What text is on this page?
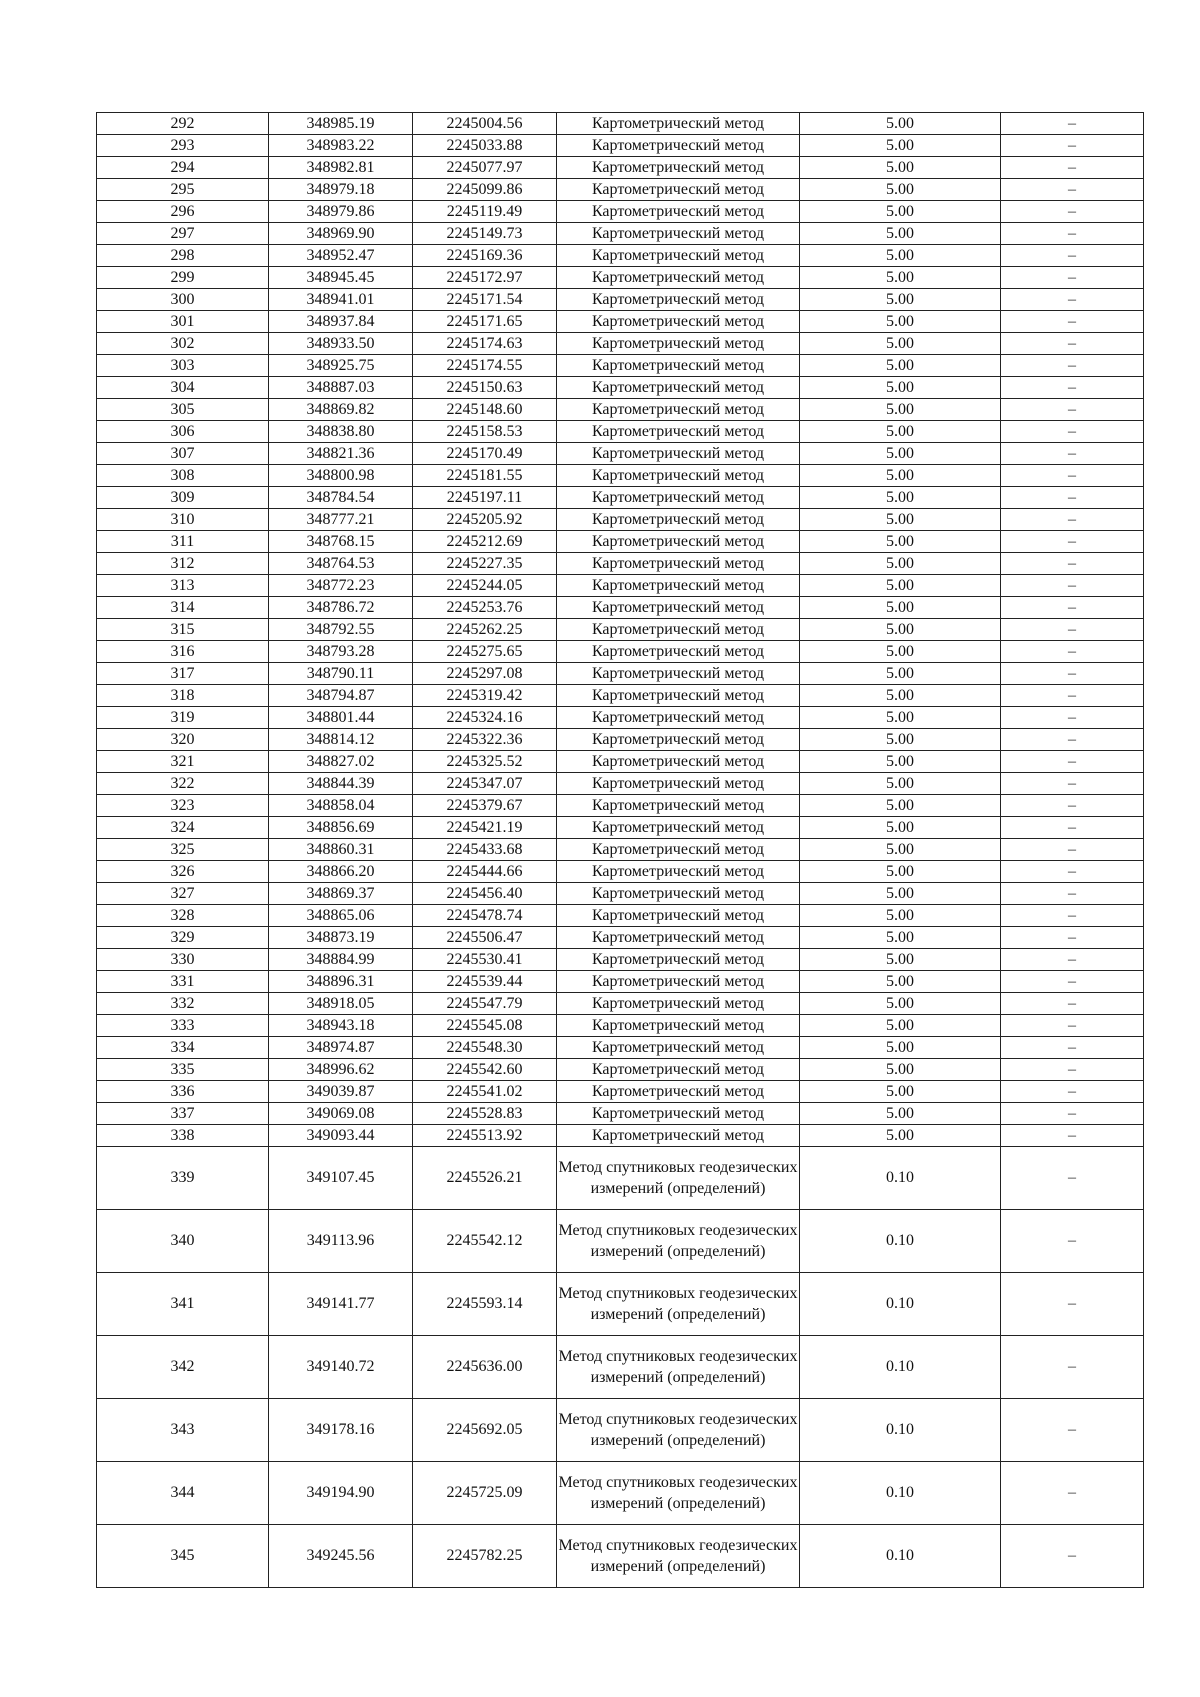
292	348985.19	2245004.56	Картометрический метод	5.00	–
293	348983.22	2245033.88	Картометрический метод	5.00	–
294	348982.81	2245077.97	Картометрический метод	5.00	–
295	348979.18	2245099.86	Картометрический метод	5.00	–
296	348979.86	2245119.49	Картометрический метод	5.00	–
297	348969.90	2245149.73	Картометрический метод	5.00	–
298	348952.47	2245169.36	Картометрический метод	5.00	–
299	348945.45	2245172.97	Картометрический метод	5.00	–
300	348941.01	2245171.54	Картометрический метод	5.00	–
301	348937.84	2245171.65	Картометрический метод	5.00	–
302	348933.50	2245174.63	Картометрический метод	5.00	–
303	348925.75	2245174.55	Картометрический метод	5.00	–
304	348887.03	2245150.63	Картометрический метод	5.00	–
305	348869.82	2245148.60	Картометрический метод	5.00	–
306	348838.80	2245158.53	Картометрический метод	5.00	–
307	348821.36	2245170.49	Картометрический метод	5.00	–
308	348800.98	2245181.55	Картометрический метод	5.00	–
309	348784.54	2245197.11	Картометрический метод	5.00	–
310	348777.21	2245205.92	Картометрический метод	5.00	–
311	348768.15	2245212.69	Картометрический метод	5.00	–
312	348764.53	2245227.35	Картометрический метод	5.00	–
313	348772.23	2245244.05	Картометрический метод	5.00	–
314	348786.72	2245253.76	Картометрический метод	5.00	–
315	348792.55	2245262.25	Картометрический метод	5.00	–
316	348793.28	2245275.65	Картометрический метод	5.00	–
317	348790.11	2245297.08	Картометрический метод	5.00	–
318	348794.87	2245319.42	Картометрический метод	5.00	–
319	348801.44	2245324.16	Картометрический метод	5.00	–
320	348814.12	2245322.36	Картометрический метод	5.00	–
321	348827.02	2245325.52	Картометрический метод	5.00	–
322	348844.39	2245347.07	Картометрический метод	5.00	–
323	348858.04	2245379.67	Картометрический метод	5.00	–
324	348856.69	2245421.19	Картометрический метод	5.00	–
325	348860.31	2245433.68	Картометрический метод	5.00	–
326	348866.20	2245444.66	Картометрический метод	5.00	–
327	348869.37	2245456.40	Картометрический метод	5.00	–
328	348865.06	2245478.74	Картометрический метод	5.00	–
329	348873.19	2245506.47	Картометрический метод	5.00	–
330	348884.99	2245530.41	Картометрический метод	5.00	–
331	348896.31	2245539.44	Картометрический метод	5.00	–
332	348918.05	2245547.79	Картометрический метод	5.00	–
333	348943.18	2245545.08	Картометрический метод	5.00	–
334	348974.87	2245548.30	Картометрический метод	5.00	–
335	348996.62	2245542.60	Картометрический метод	5.00	–
336	349039.87	2245541.02	Картометрический метод	5.00	–
337	349069.08	2245528.83	Картометрический метод	5.00	–
338	349093.44	2245513.92	Картометрический метод	5.00	–
339	349107.45	2245526.21	Метод спутниковых геодезических измерений (определений)	0.10	–
340	349113.96	2245542.12	Метод спутниковых геодезических измерений (определений)	0.10	–
341	349141.77	2245593.14	Метод спутниковых геодезических измерений (определений)	0.10	–
342	349140.72	2245636.00	Метод спутниковых геодезических измерений (определений)	0.10	–
343	349178.16	2245692.05	Метод спутниковых геодезических измерений (определений)	0.10	–
344	349194.90	2245725.09	Метод спутниковых геодезических измерений (определений)	0.10	–
345	349245.56	2245782.25	Метод спутниковых геодезических измерений (определений)	0.10	–
